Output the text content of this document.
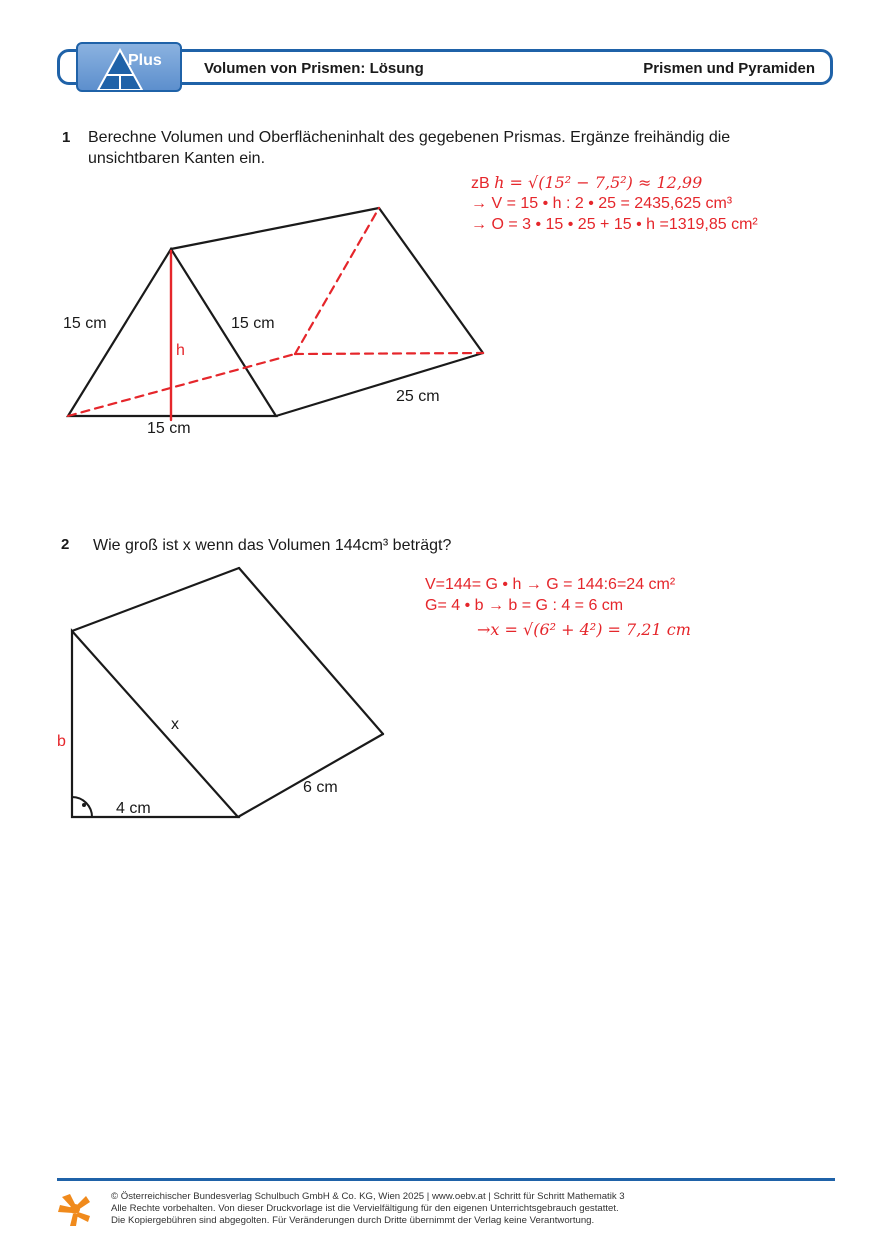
Plus	Volumen von Prismen: Lösung	Prismen und Pyramiden
1 Berechne Volumen und Oberflächeninhalt des gegebenen Prismas. Ergänze freihändig die
unsichtbaren Kanten ein.
zB h = √(15² − 7,5²) ≈ 12,99
→ V = 15 • h : 2 • 25 = 2435,625 cm³
→ O = 3 • 15 • 25 + 15 • h =1319,85 cm²
15 cm	15 cm
h
15 cm
25 cm
2 Wie groß ist x wenn das Volumen 144cm³ beträgt?
V=144= G • h → G = 144:6=24 cm²
G= 4 • b → b = G : 4 = 6 cm
→x = √(6² + 4²) = 7,21 cm
x
b
4 cm
6 cm
© Österreichischer Bundesverlag Schulbuch GmbH & Co. KG, Wien 2025 | www.oebv.at | Schritt für Schritt Mathematik 3
Alle Rechte vorbehalten. Von dieser Druckvorlage ist die Vervielfältigung für den eigenen Unterrichtsgebrauch gestattet.
Die Kopiergebühren sind abgegolten. Für Veränderungen durch Dritte übernimmt der Verlag keine Verantwortung.
